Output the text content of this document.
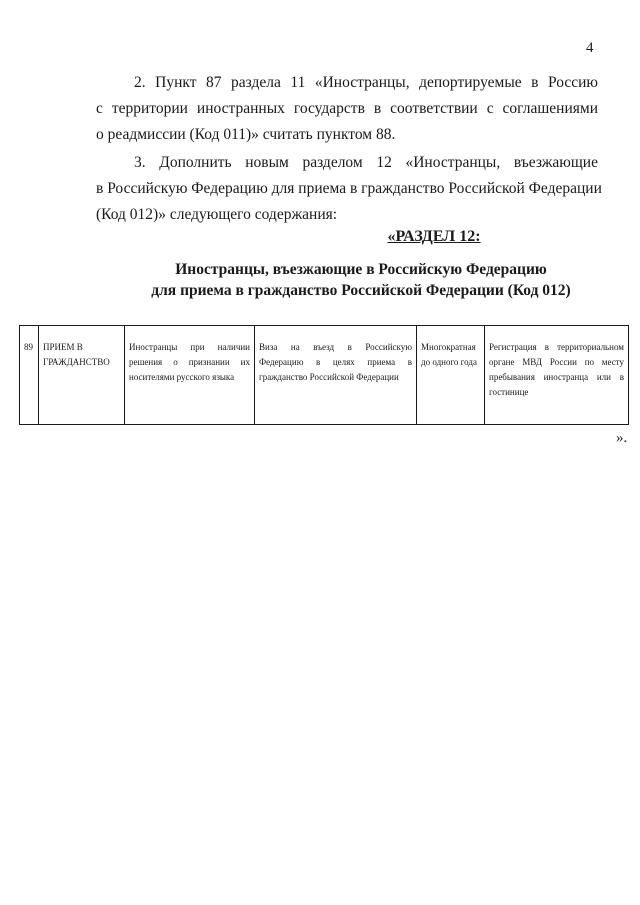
4
2. Пункт 87 раздела 11 «Иностранцы, депортируемые в Россию
с территории иностранных государств в соответствии с соглашениями
о реадмиссии (Код 011)» считать пунктом 88.
3. Дополнить новым разделом 12 «Иностранцы, въезжающие
в Российскую Федерацию для приема в гражданство Российской Федерации
(Код 012)» следующего содержания:
«РАЗДЕЛ 12:
Иностранцы, въезжающие в Российскую Федерацию
для приема в гражданство Российской Федерации (Код 012)
89	ПРИЕМ В ГРАЖДАНСТВО	Иностранцы при наличии решения о признании их носителями русского языка	Виза на въезд в Российскую Федерацию в целях приема в гражданство Российской Федерации	Многократная до одного года	Регистрация в территориальном органе МВД России по месту пребывания иностранца или в гостинице
».
